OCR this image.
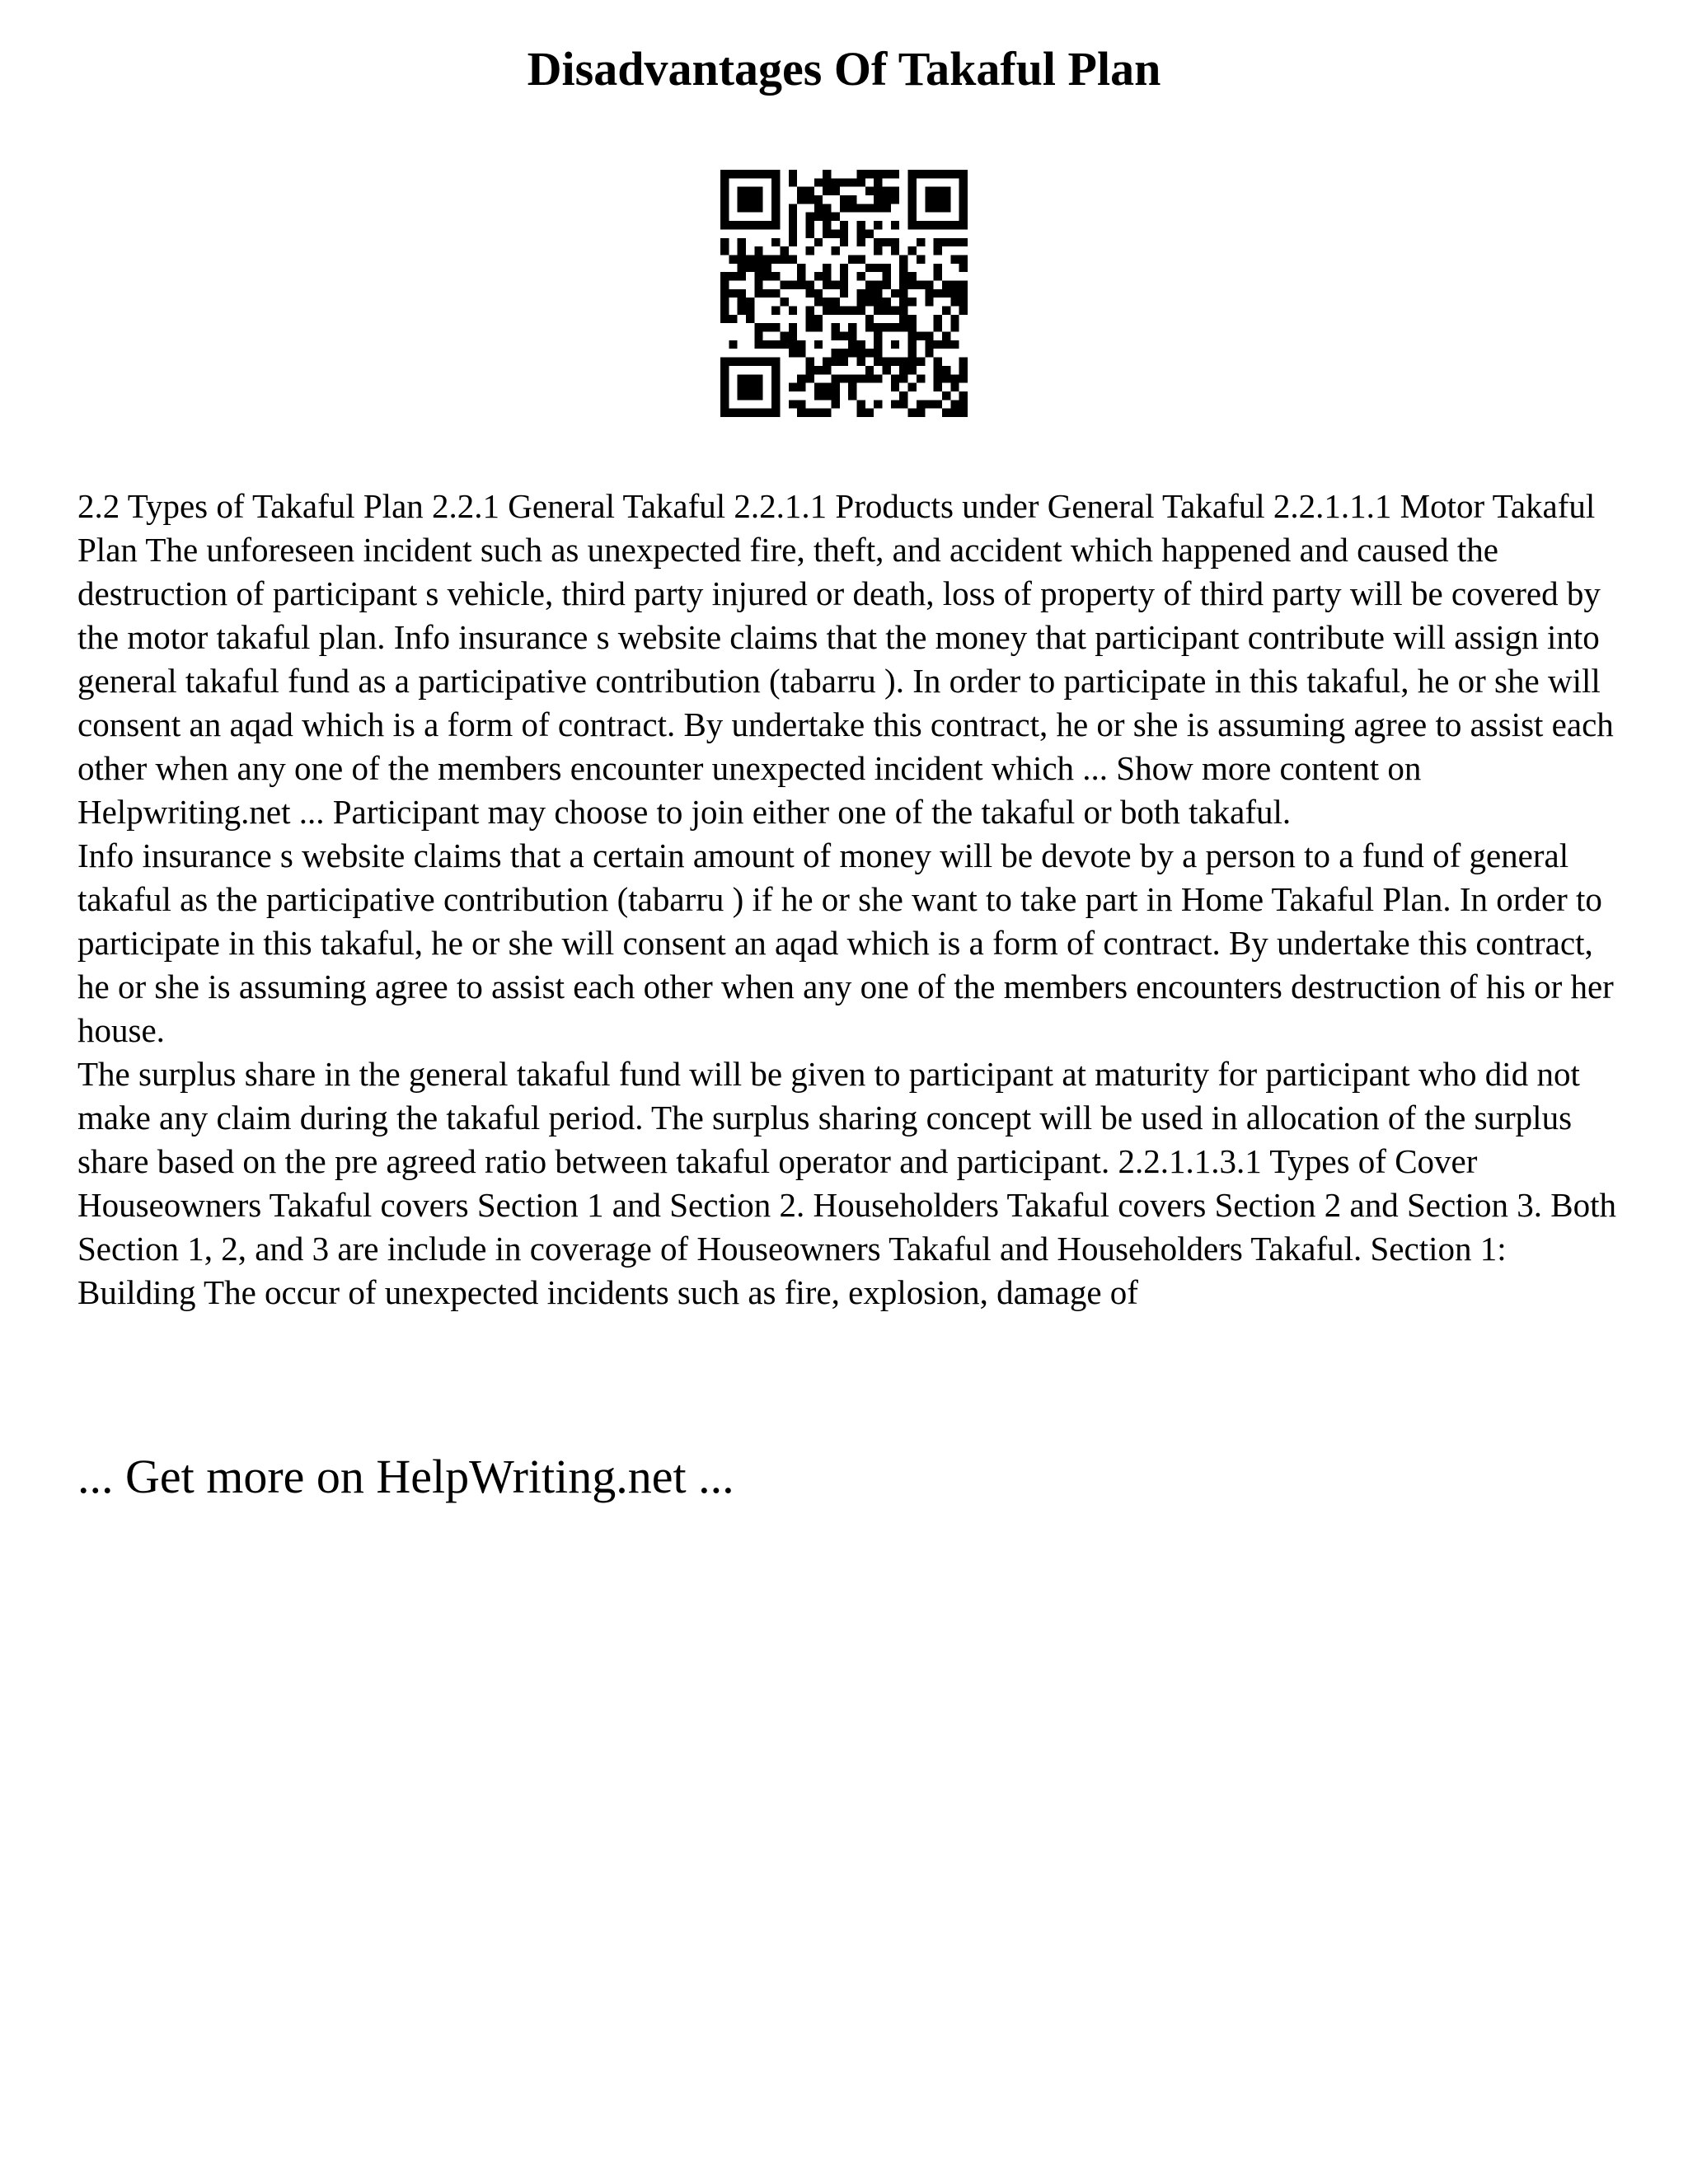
Disadvantages Of Takaful Plan

2.2 Types of Takaful Plan 2.2.1 General Takaful 2.2.1.1 Products under General Takaful 2.2.1.1.1 Motor Takaful Plan The unforeseen incident such as unexpected fire, theft, and accident which happened and caused the destruction of participant s vehicle, third party injured or death, loss of property of third party will be covered by the motor takaful plan. Info insurance s website claims that the money that participant contribute will assign into general takaful fund as a participative contribution (tabarru ). In order to participate in this takaful, he or she will consent an aqad which is a form of contract. By undertake this contract, he or she is assuming agree to assist each other when any one of the members encounter unexpected incident which ... Show more content on Helpwriting.net ... Participant may choose to join either one of the takaful or both takaful.

Info insurance s website claims that a certain amount of money will be devote by a person to a fund of general takaful as the participative contribution (tabarru ) if he or she want to take part in Home Takaful Plan. In order to participate in this takaful, he or she will consent an aqad which is a form of contract. By undertake this contract, he or she is assuming agree to assist each other when any one of the members encounters destruction of his or her house.

The surplus share in the general takaful fund will be given to participant at maturity for participant who did not make any claim during the takaful period. The surplus sharing concept will be used in allocation of the surplus share based on the pre agreed ratio between takaful operator and participant. 2.2.1.1.3.1 Types of Cover Houseowners Takaful covers Section 1 and Section 2. Householders Takaful covers Section 2 and Section 3. Both Section 1, 2, and 3 are include in coverage of Houseowners Takaful and Householders Takaful. Section 1: Building The occur of unexpected incidents such as fire, explosion, damage of

... Get more on HelpWriting.net ...
